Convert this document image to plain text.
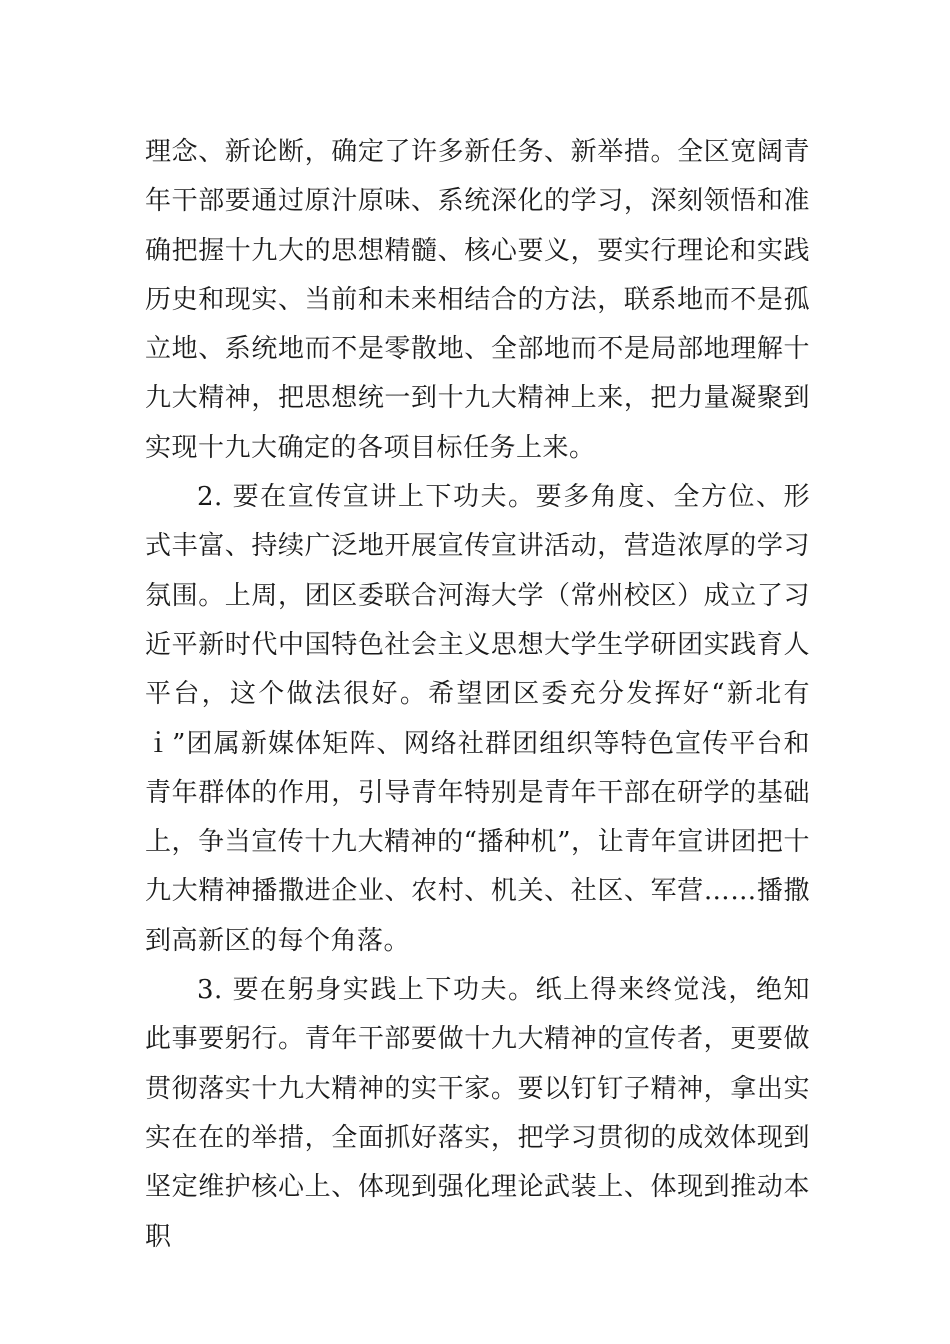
理念、新论断，确定了许多新任务、新举措。全区宽阔青年干部要通过原汁原味、系统深化的学习，深刻领悟和准确把握十九大的思想精髓、核心要义，要实行理论和实践历史和现实、当前和未来相结合的方法，联系地而不是孤立地、系统地而不是零散地、全部地而不是局部地理解十九大精神，把思想统一到十九大精神上来，把力量凝聚到实现十九大确定的各项目标任务上来。

2. 要在宣传宣讲上下功夫。要多角度、全方位、形式丰富、持续广泛地开展宣传宣讲活动，营造浓厚的学习氛围。上周，团区委联合河海大学（常州校区）成立了习近平新时代中国特色社会主义思想大学生学研团实践育人平台，这个做法很好。希望团区委充分发挥好“新北有ｉ”团属新媒体矩阵、网络社群团组织等特色宣传平台和青年群体的作用，引导青年特别是青年干部在研学的基础上，争当宣传十九大精神的“播种机”，让青年宣讲团把十九大精神播撒进企业、农村、机关、社区、军营……播撒到高新区的每个角落。

3. 要在躬身实践上下功夫。纸上得来终觉浅，绝知此事要躬行。青年干部要做十九大精神的宣传者，更要做贯彻落实十九大精神的实干家。要以钉钉子精神，拿出实实在在的举措，全面抓好落实，把学习贯彻的成效体现到坚定维护核心上、体现到强化理论武装上、体现到推动本职
